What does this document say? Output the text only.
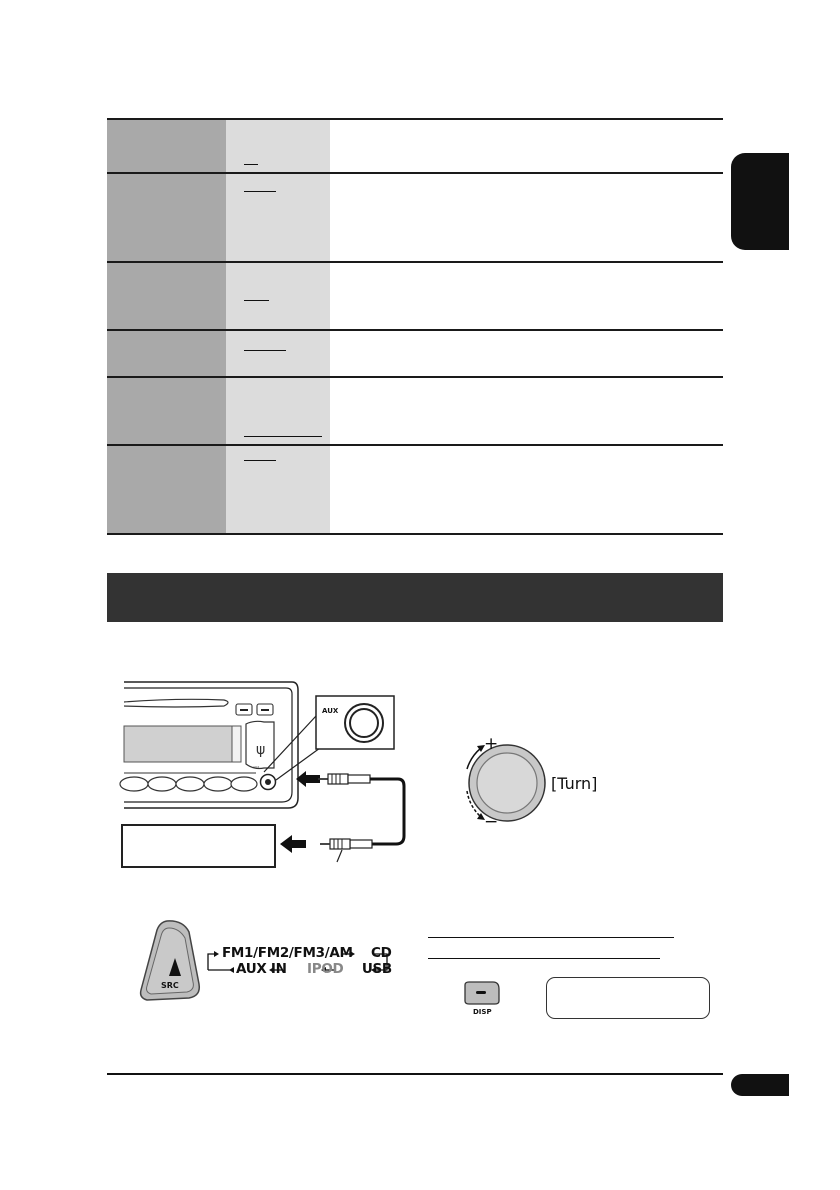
ψ
AUX
AUX
+
−
[Turn]
SRC
FM1/FM2/FM3/AM CD
AUX IN IPOD USB
DISP
